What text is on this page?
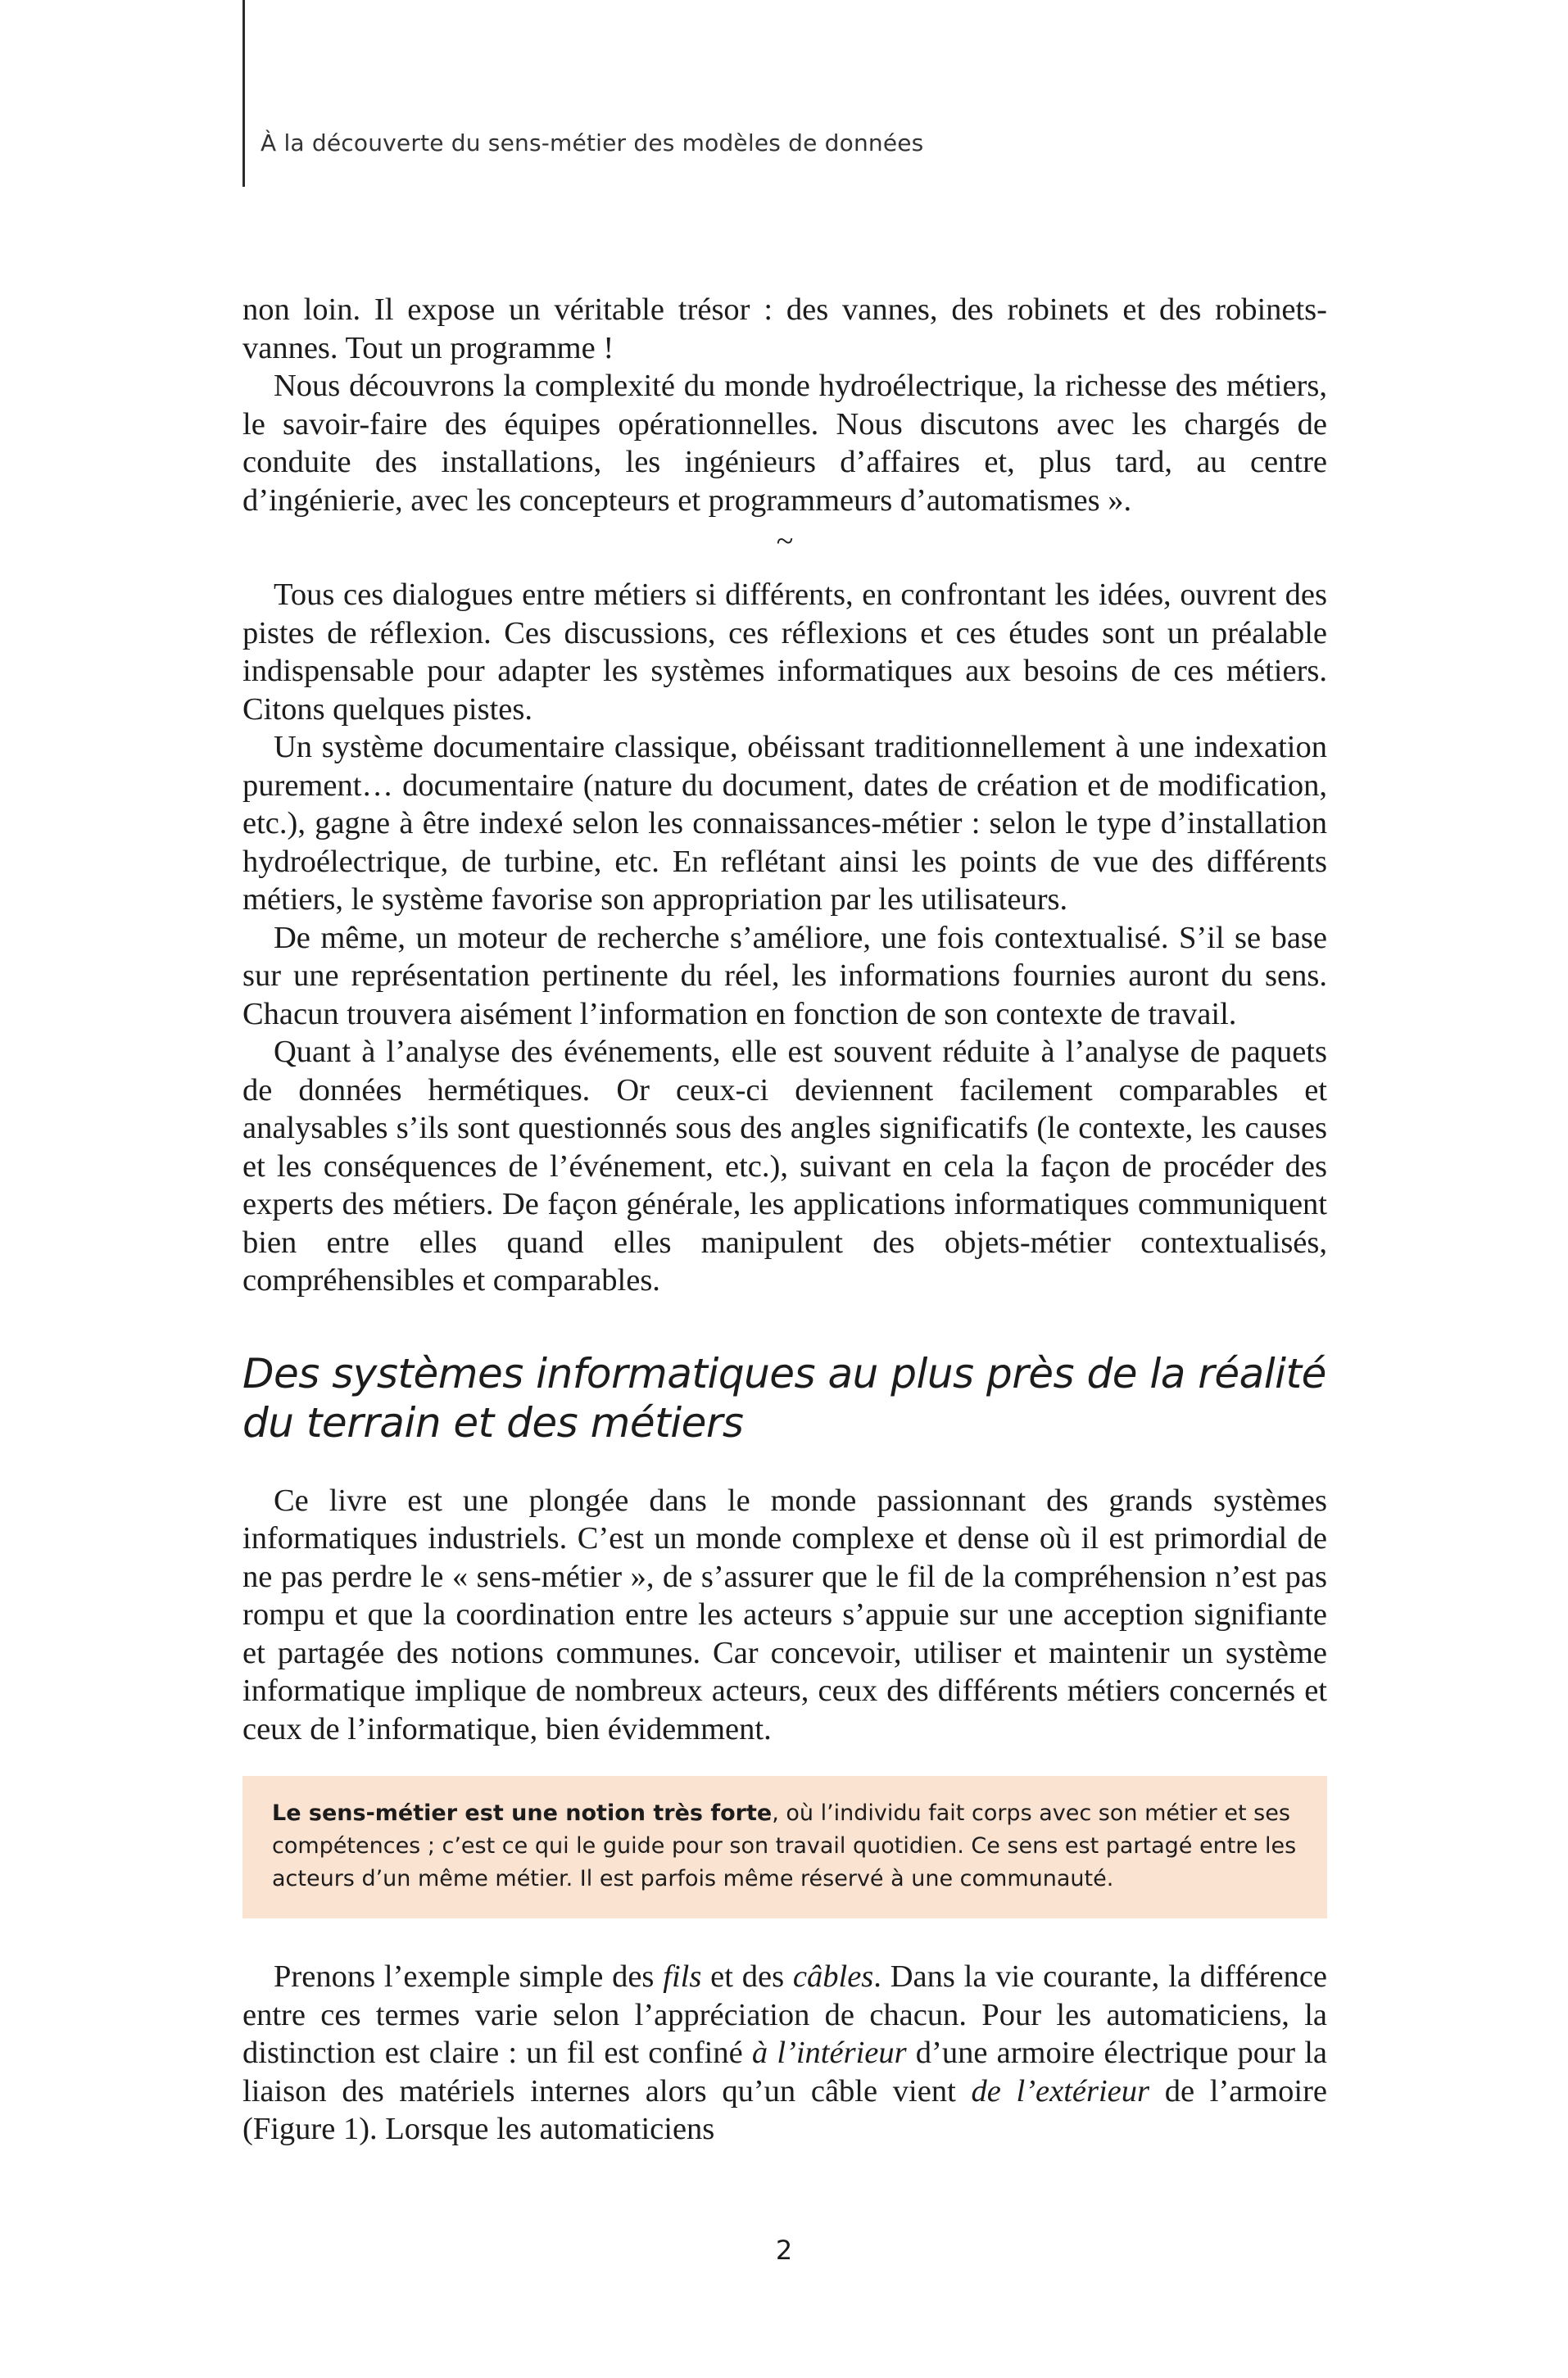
À la découverte du sens-métier des modèles de données

non loin. Il expose un véritable trésor : des vannes, des robinets et des robinets-vannes. Tout un programme !

Nous découvrons la complexité du monde hydroélectrique, la richesse des métiers, le savoir-faire des équipes opérationnelles. Nous discutons avec les chargés de conduite des installations, les ingénieurs d’affaires et, plus tard, au centre d’ingénierie, avec les concepteurs et programmeurs d’automatismes ».

~

Tous ces dialogues entre métiers si différents, en confrontant les idées, ouvrent des pistes de réflexion. Ces discussions, ces réflexions et ces études sont un préalable indispensable pour adapter les systèmes informatiques aux besoins de ces métiers. Citons quelques pistes.

Un système documentaire classique, obéissant traditionnellement à une indexation purement… documentaire (nature du document, dates de création et de modification, etc.), gagne à être indexé selon les connaissances-métier : selon le type d’installation hydroélectrique, de turbine, etc. En reflétant ainsi les points de vue des différents métiers, le système favorise son appropriation par les utilisateurs.

De même, un moteur de recherche s’améliore, une fois contextualisé. S’il se base sur une représentation pertinente du réel, les informations fournies auront du sens. Chacun trouvera aisément l’information en fonction de son contexte de travail.

Quant à l’analyse des événements, elle est souvent réduite à l’analyse de paquets de données hermétiques. Or ceux-ci deviennent facilement comparables et analysables s’ils sont questionnés sous des angles significatifs (le contexte, les causes et les conséquences de l’événement, etc.), suivant en cela la façon de procéder des experts des métiers. De façon générale, les applications informatiques communiquent bien entre elles quand elles manipulent des objets-métier contextualisés, compréhensibles et comparables.

Des systèmes informatiques au plus près de la réalité du terrain et des métiers

Ce livre est une plongée dans le monde passionnant des grands systèmes informatiques industriels. C’est un monde complexe et dense où il est primordial de ne pas perdre le « sens-métier », de s’assurer que le fil de la compréhension n’est pas rompu et que la coordination entre les acteurs s’appuie sur une acception signifiante et partagée des notions communes. Car concevoir, utiliser et maintenir un système informatique implique de nombreux acteurs, ceux des différents métiers concernés et ceux de l’informatique, bien évidemment.

Le sens-métier est une notion très forte, où l’individu fait corps avec son métier et ses compétences ; c’est ce qui le guide pour son travail quotidien. Ce sens est partagé entre les acteurs d’un même métier. Il est parfois même réservé à une communauté.

Prenons l’exemple simple des fils et des câbles. Dans la vie courante, la différence entre ces termes varie selon l’appréciation de chacun. Pour les automaticiens, la distinction est claire : un fil est confiné à l’intérieur d’une armoire électrique pour la liaison des matériels internes alors qu’un câble vient de l’extérieur de l’armoire (Figure 1). Lorsque les automaticiens

2
